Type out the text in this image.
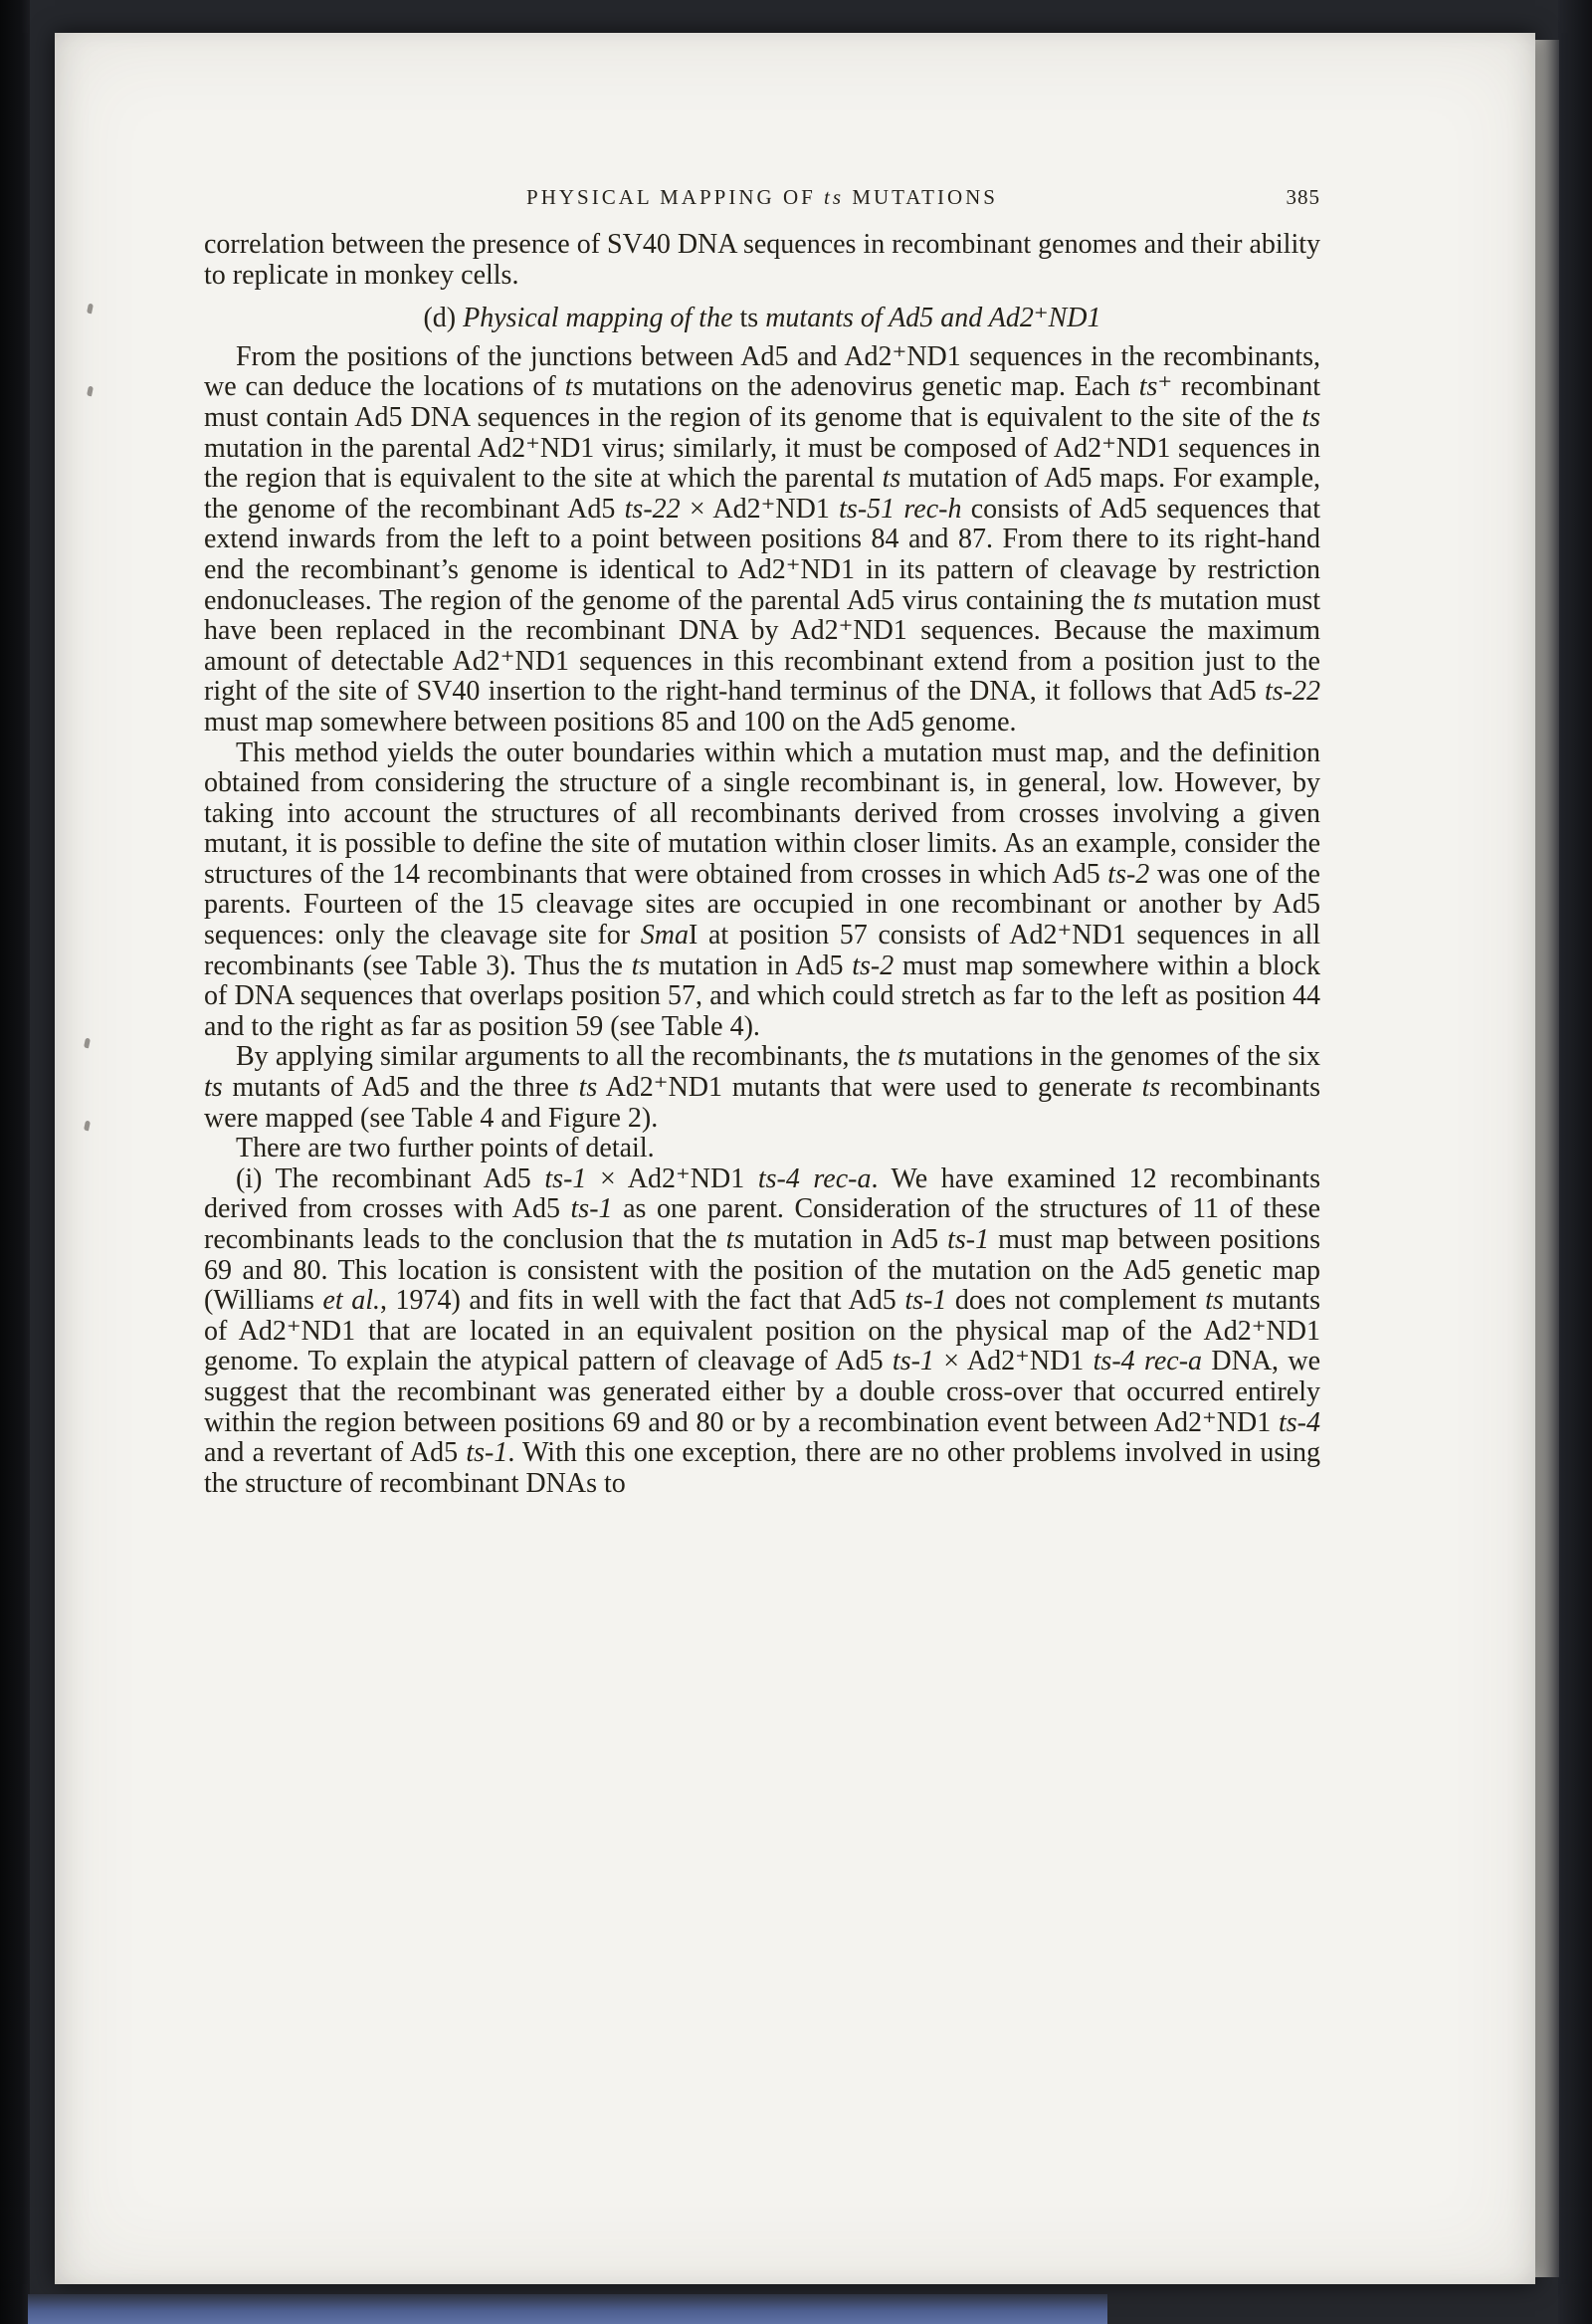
PHYSICAL MAPPING OF ts MUTATIONS	385

correlation between the presence of SV40 DNA sequences in recombinant genomes and their ability to replicate in monkey cells.

(d) Physical mapping of the ts mutants of Ad5 and Ad2⁺ND1

From the positions of the junctions between Ad5 and Ad2⁺ND1 sequences in the recombinants, we can deduce the locations of ts mutations on the adenovirus genetic map. Each ts⁺ recombinant must contain Ad5 DNA sequences in the region of its genome that is equivalent to the site of the ts mutation in the parental Ad2⁺ND1 virus; similarly, it must be composed of Ad2⁺ND1 sequences in the region that is equivalent to the site at which the parental ts mutation of Ad5 maps. For example, the genome of the recombinant Ad5 ts-22 × Ad2⁺ND1 ts-51 rec-h consists of Ad5 sequences that extend inwards from the left to a point between positions 84 and 87. From there to its right-hand end the recombinant’s genome is identical to Ad2⁺ND1 in its pattern of cleavage by restriction endonucleases. The region of the genome of the parental Ad5 virus containing the ts mutation must have been replaced in the recombinant DNA by Ad2⁺ND1 sequences. Because the maximum amount of detectable Ad2⁺ND1 sequences in this recombinant extend from a position just to the right of the site of SV40 insertion to the right-hand terminus of the DNA, it follows that Ad5 ts-22 must map somewhere between positions 85 and 100 on the Ad5 genome.

This method yields the outer boundaries within which a mutation must map, and the definition obtained from considering the structure of a single recombinant is, in general, low. However, by taking into account the structures of all recombinants derived from crosses involving a given mutant, it is possible to define the site of mutation within closer limits. As an example, consider the structures of the 14 recombinants that were obtained from crosses in which Ad5 ts-2 was one of the parents. Fourteen of the 15 cleavage sites are occupied in one recombinant or another by Ad5 sequences: only the cleavage site for SmaI at position 57 consists of Ad2⁺ND1 sequences in all recombinants (see Table 3). Thus the ts mutation in Ad5 ts-2 must map somewhere within a block of DNA sequences that overlaps position 57, and which could stretch as far to the left as position 44 and to the right as far as position 59 (see Table 4).

By applying similar arguments to all the recombinants, the ts mutations in the genomes of the six ts mutants of Ad5 and the three ts Ad2⁺ND1 mutants that were used to generate ts recombinants were mapped (see Table 4 and Figure 2).

There are two further points of detail.

(i) The recombinant Ad5 ts-1 × Ad2⁺ND1 ts-4 rec-a. We have examined 12 recombinants derived from crosses with Ad5 ts-1 as one parent. Consideration of the structures of 11 of these recombinants leads to the conclusion that the ts mutation in Ad5 ts-1 must map between positions 69 and 80. This location is consistent with the position of the mutation on the Ad5 genetic map (Williams et al., 1974) and fits in well with the fact that Ad5 ts-1 does not complement ts mutants of Ad2⁺ND1 that are located in an equivalent position on the physical map of the Ad2⁺ND1 genome. To explain the atypical pattern of cleavage of Ad5 ts-1 × Ad2⁺ND1 ts-4 rec-a DNA, we suggest that the recombinant was generated either by a double cross-over that occurred entirely within the region between positions 69 and 80 or by a recombination event between Ad2⁺ND1 ts-4 and a revertant of Ad5 ts-1. With this one exception, there are no other problems involved in using the structure of recombinant DNAs to
